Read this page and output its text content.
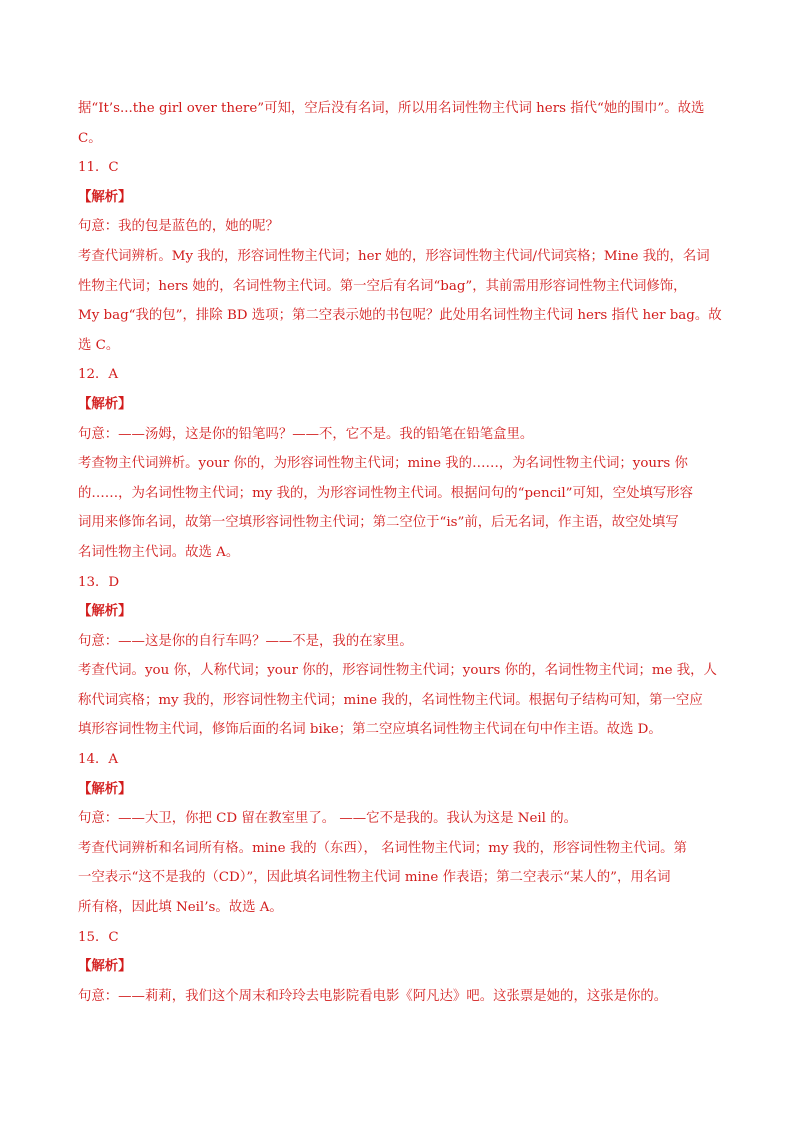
据“It’s...the girl over there”可知，空后没有名词，所以用名词性物主代词 hers 指代“她的围巾”。故选
C。
11．C
【解析】
句意：我的包是蓝色的，她的呢？
考查代词辨析。My 我的，形容词性物主代词；her 她的，形容词性物主代词/代词宾格；Mine 我的，名词
性物主代词；hers 她的，名词性物主代词。第一空后有名词“bag”，其前需用形容词性物主代词修饰，
My bag“我的包”，排除 BD 选项；第二空表示她的书包呢？此处用名词性物主代词 hers 指代 her bag。故
选 C。
12．A
【解析】
句意：——汤姆，这是你的铅笔吗？——不，它不是。我的铅笔在铅笔盒里。
考查物主代词辨析。your 你的，为形容词性物主代词；mine 我的……，为名词性物主代词；yours 你
的……，为名词性物主代词；my 我的，为形容词性物主代词。根据问句的“pencil”可知，空处填写形容
词用来修饰名词，故第一空填形容词性物主代词；第二空位于“is”前，后无名词，作主语，故空处填写
名词性物主代词。故选 A。
13．D
【解析】
句意：——这是你的自行车吗？——不是，我的在家里。
考查代词。you 你，人称代词；your 你的，形容词性物主代词；yours 你的，名词性物主代词；me 我，人
称代词宾格；my 我的，形容词性物主代词；mine 我的，名词性物主代词。根据句子结构可知，第一空应
填形容词性物主代词，修饰后面的名词 bike；第二空应填名词性物主代词在句中作主语。故选 D。
14．A
【解析】
句意：——大卫，你把 CD 留在教室里了。 ——它不是我的。我认为这是 Neil 的。
考查代词辨析和名词所有格。mine 我的（东西）， 名词性物主代词；my 我的，形容词性物主代词。第
一空表示“这不是我的（CD）”，因此填名词性物主代词 mine 作表语；第二空表示“某人的”，用名词
所有格，因此填 Neil’s。故选 A。
15．C
【解析】
句意：——莉莉，我们这个周末和玲玲去电影院看电影《阿凡达》吧。这张票是她的，这张是你的。
